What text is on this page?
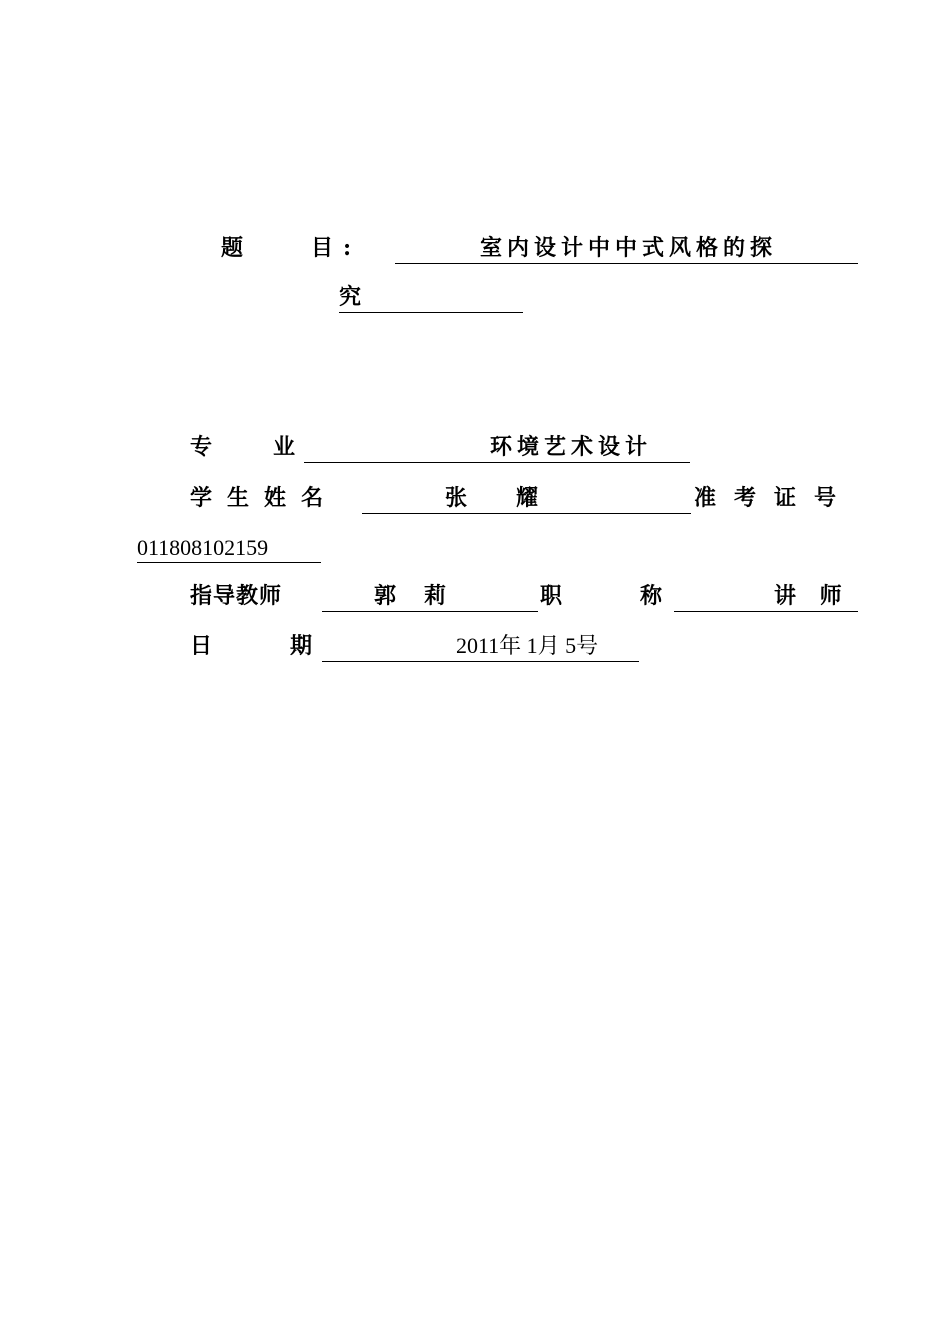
题	目 :	室内设计中中式风格的探
究
专	业	环境艺术设计
学生姓名	张 耀	准考证号
011808102159
指导教师	郭 莉	职	称	讲 师
日	期	2011年 1月 5号
